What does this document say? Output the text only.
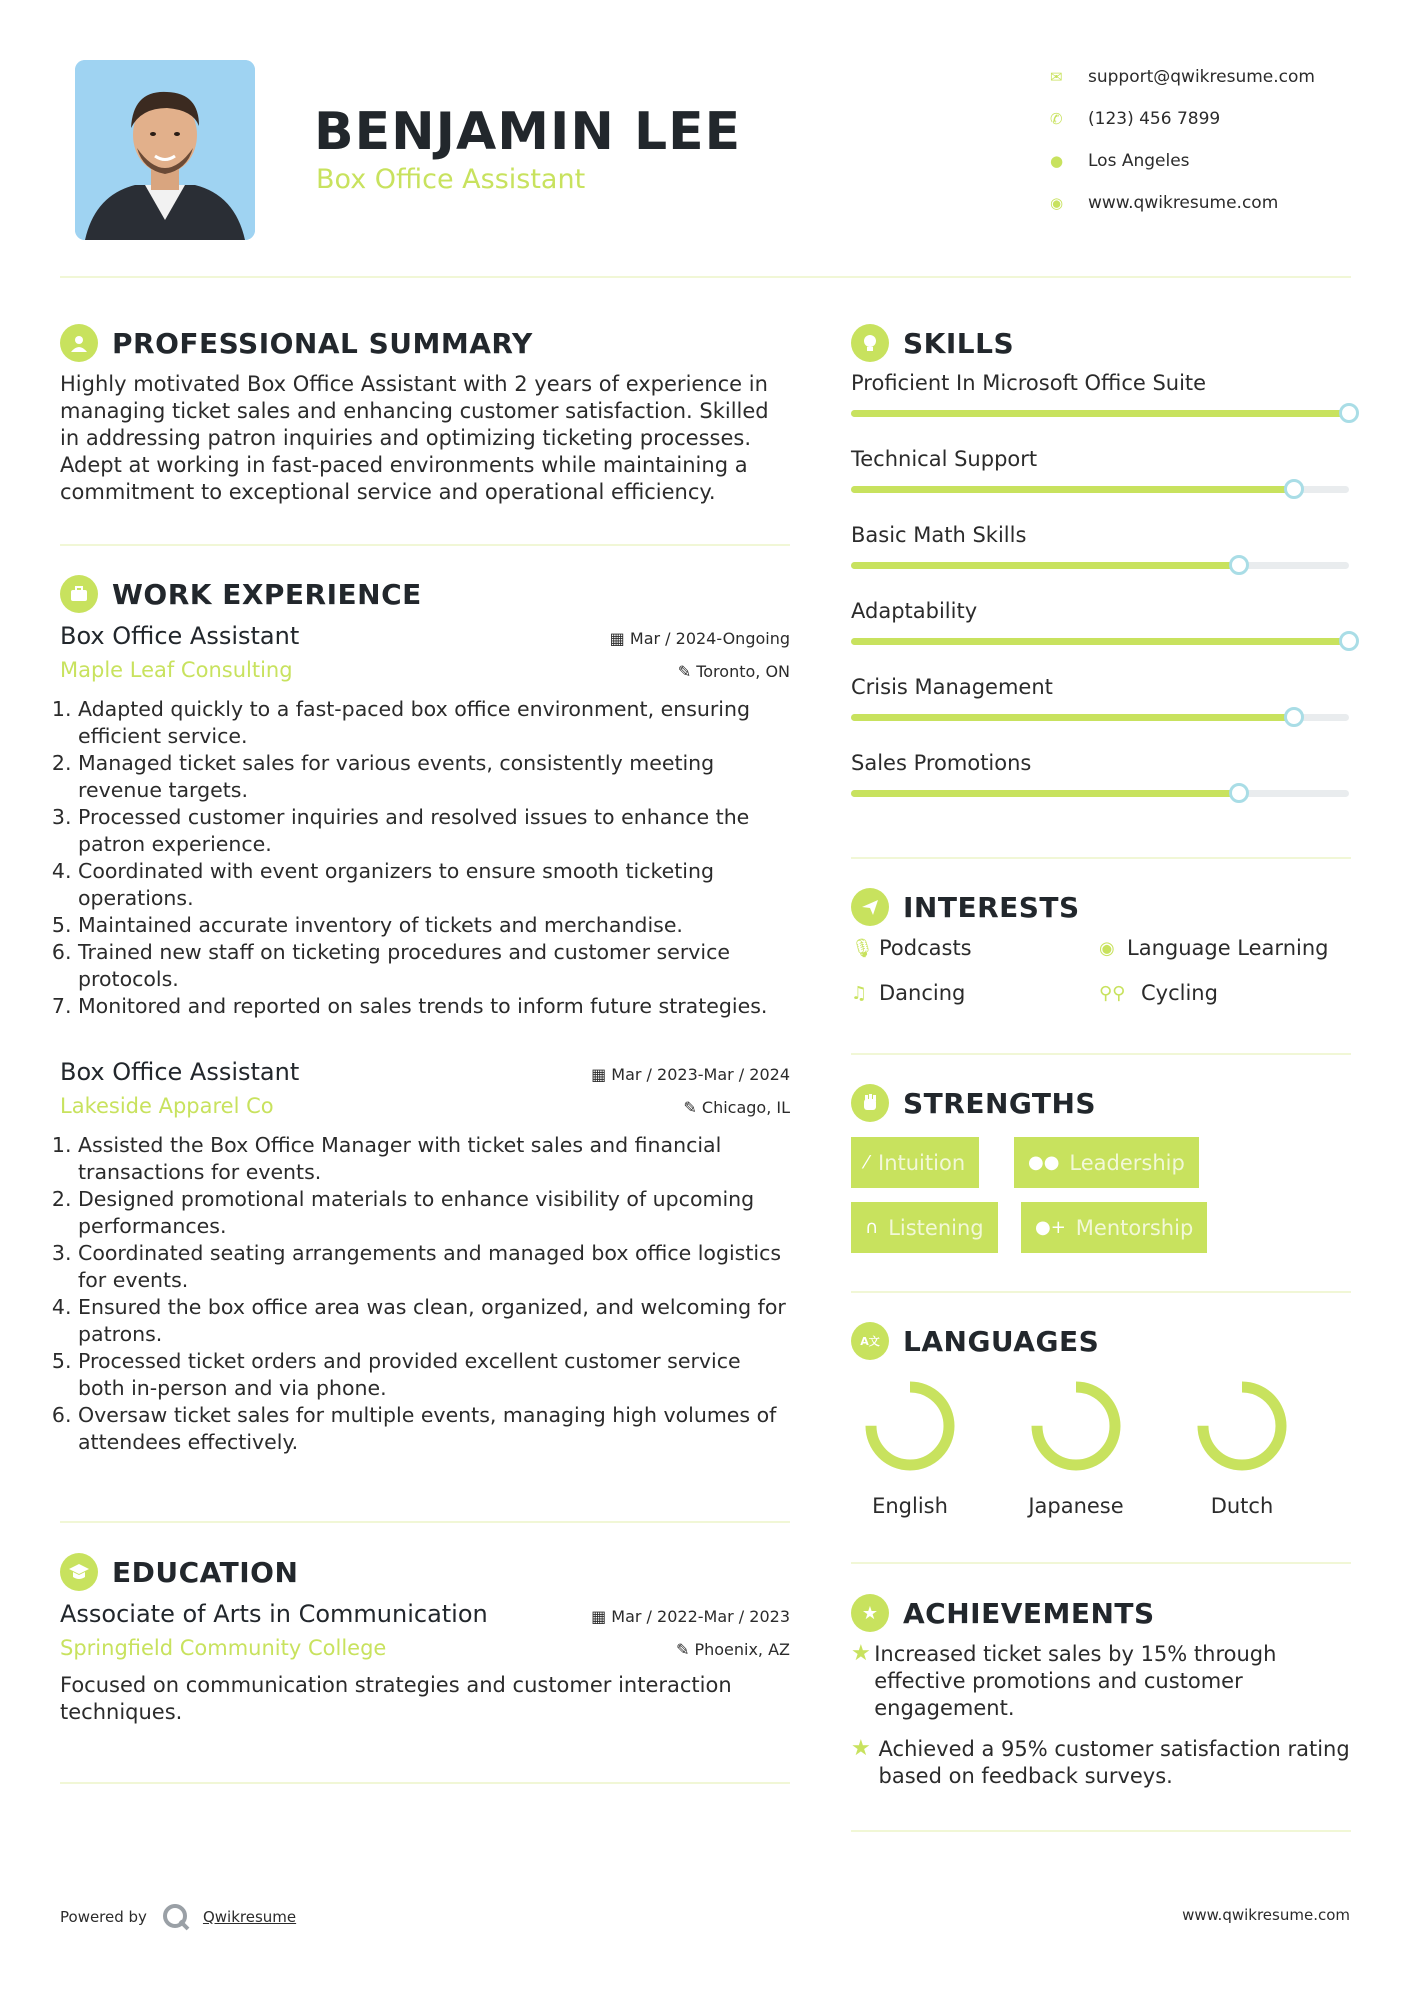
BENJAMIN LEE
Box Office Assistant
✉	support@qwikresume.com
✆	(123) 456 7899
●	Los Angeles
◉	www.qwikresume.com
PROFESSIONAL SUMMARY
Highly motivated Box Office Assistant with 2 years of experience in
managing ticket sales and enhancing customer satisfaction. Skilled
in addressing patron inquiries and optimizing ticketing processes.
Adept at working in fast-paced environments while maintaining a
commitment to exceptional service and operational efficiency.
WORK EXPERIENCE
Box Office Assistant	▦ Mar / 2024-Ongoing
Maple Leaf Consulting	✎ Toronto, ON
1. Adapted quickly to a fast-paced box office environment, ensuring efficient service.
2. Managed ticket sales for various events, consistently meeting revenue targets.
3. Processed customer inquiries and resolved issues to enhance the patron experience.
4. Coordinated with event organizers to ensure smooth ticketing operations.
5. Maintained accurate inventory of tickets and merchandise.
6. Trained new staff on ticketing procedures and customer service protocols.
7. Monitored and reported on sales trends to inform future strategies.
Box Office Assistant	▦ Mar / 2023-Mar / 2024
Lakeside Apparel Co	✎ Chicago, IL
1. Assisted the Box Office Manager with ticket sales and financial transactions for events.
2. Designed promotional materials to enhance visibility of upcoming performances.
3. Coordinated seating arrangements and managed box office logistics for events.
4. Ensured the box office area was clean, organized, and welcoming for patrons.
5. Processed ticket orders and provided excellent customer service both in-person and via phone.
6. Oversaw ticket sales for multiple events, managing high volumes of attendees effectively.
EDUCATION
Associate of Arts in Communication	▦ Mar / 2022-Mar / 2023
Springfield Community College	✎ Phoenix, AZ
Focused on communication strategies and customer interaction techniques.
SKILLS
Proficient In Microsoft Office Suite
Technical Support
Basic Math Skills
Adaptability
Crisis Management
Sales Promotions
INTERESTS
🎙︎ Podcasts	◉ Language Learning
♫ Dancing	⚲⚲ Cycling
STRENGTHS
⁄ Intuition	●● Leadership
∩ Listening	●+ Mentorship
A文 LANGUAGES
English	Japanese	Dutch
★ ACHIEVEMENTS
★ Increased ticket sales by 15% through effective promotions and customer engagement.
★ Achieved a 95% customer satisfaction rating based on feedback surveys.
Powered by	Qwikresume	www.qwikresume.com
